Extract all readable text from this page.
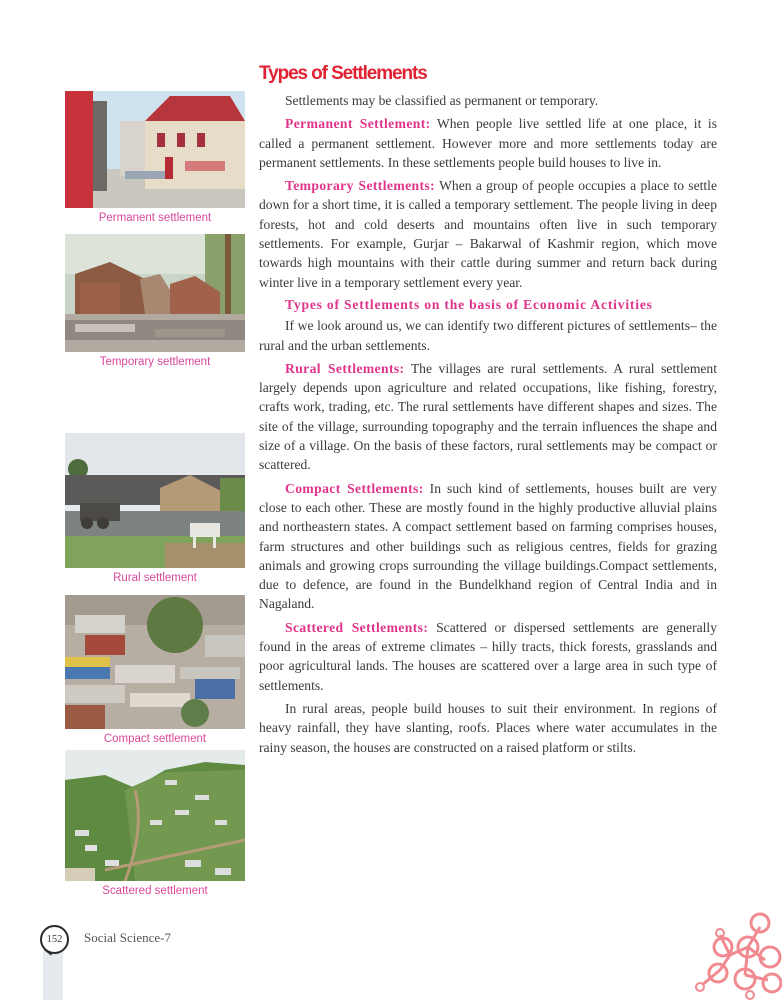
Types of Settlements
Permanent settlement
Temporary settlement
Rural settlement
Compact settlement
Scattered settlement

Settlements may be classified as permanent or temporary.

Permanent Settlement: When people live settled life at one place, it is called a permanent settlement. However more and more settlements today are permanent settlements. In these settlements people build houses to live in.

Temporary Settlements: When a group of people occupies a place to settle down for a short time, it is called a temporary settlement. The people living in deep forests, hot and cold deserts and mountains often live in such temporary settlements. For example, Gurjar – Bakarwal of Kashmir region, which move towards high mountains with their cattle during summer and return back during winter live in a temporary settlement every year.

Types of Settlements on the basis of Economic Activities

If we look around us, we can identify two different pictures of settlements– the rural and the urban settlements.

Rural Settlements: The villages are rural settlements. A rural settlement largely depends upon agriculture and related occupations, like fishing, forestry, crafts work, trading, etc. The rural settlements have different shapes and sizes. The site of the village, surrounding topography and the terrain influences the shape and size of a village. On the basis of these factors, rural settlements may be compact or scattered.

Compact Settlements: In such kind of settlements, houses built are very close to each other. These are mostly found in the highly productive alluvial plains and northeastern states. A compact settlement based on farming comprises houses, farm structures and other buildings such as religious centres, fields for grazing animals and growing crops surrounding the village buildings.Compact settlements, due to defence, are found in the Bundelkhand region of Central India and in Nagaland.

Scattered Settlements: Scattered or dispersed settlements are generally found in the areas of extreme climates – hilly tracts, thick forests, grasslands and poor agricultural lands. The houses are scattered over a large area in such type of settlements.

In rural areas, people build houses to suit their environment. In regions of heavy rainfall, they have slanting, roofs. Places where water accumulates in the rainy season, the houses are constructed on a raised platform or stilts.

152	Social Science-7
